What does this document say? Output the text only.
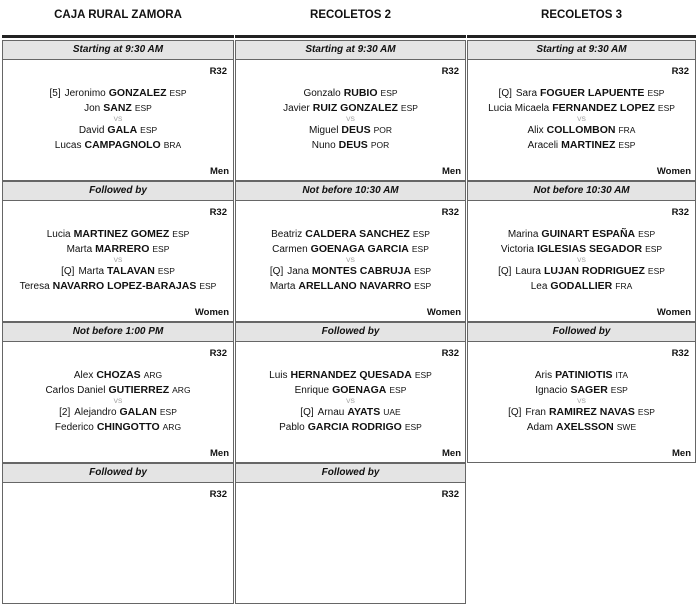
CAJA RURAL ZAMORA	RECOLETOS 2	RECOLETOS 3
Starting at 9:30 AM
R32
[5] Jeronimo GONZALEZ ESP
Jon SANZ ESP
VS
David GALA ESP
Lucas CAMPAGNOLO BRA
Men
Starting at 9:30 AM
R32
Gonzalo RUBIO ESP
Javier RUIZ GONZALEZ ESP
VS
Miguel DEUS POR
Nuno DEUS POR
Men
Starting at 9:30 AM
R32
[Q] Sara FOGUER LAPUENTE ESP
Lucia Micaela FERNANDEZ LOPEZ ESP
VS
Alix COLLOMBON FRA
Araceli MARTINEZ ESP
Women
Followed by
R32
Lucia MARTINEZ GOMEZ ESP
Marta MARRERO ESP
VS
[Q] Marta TALAVAN ESP
Teresa NAVARRO LOPEZ-BARAJAS ESP
Women
Not before 10:30 AM
R32
Beatriz CALDERA SANCHEZ ESP
Carmen GOENAGA GARCIA ESP
VS
[Q] Jana MONTES CABRUJA ESP
Marta ARELLANO NAVARRO ESP
Women
Not before 10:30 AM
R32
Marina GUINART ESPAÑA ESP
Victoria IGLESIAS SEGADOR ESP
VS
[Q] Laura LUJAN RODRIGUEZ ESP
Lea GODALLIER FRA
Women
Not before 1:00 PM
R32
Alex CHOZAS ARG
Carlos Daniel GUTIERREZ ARG
VS
[2] Alejandro GALAN ESP
Federico CHINGOTTO ARG
Men
Followed by
R32
Luis HERNANDEZ QUESADA ESP
Enrique GOENAGA ESP
VS
[Q] Arnau AYATS UAE
Pablo GARCIA RODRIGO ESP
Men
Followed by
R32
Aris PATINIOTIS ITA
Ignacio SAGER ESP
VS
[Q] Fran RAMIREZ NAVAS ESP
Adam AXELSSON SWE
Men
Followed by
R32
Followed by
R32
